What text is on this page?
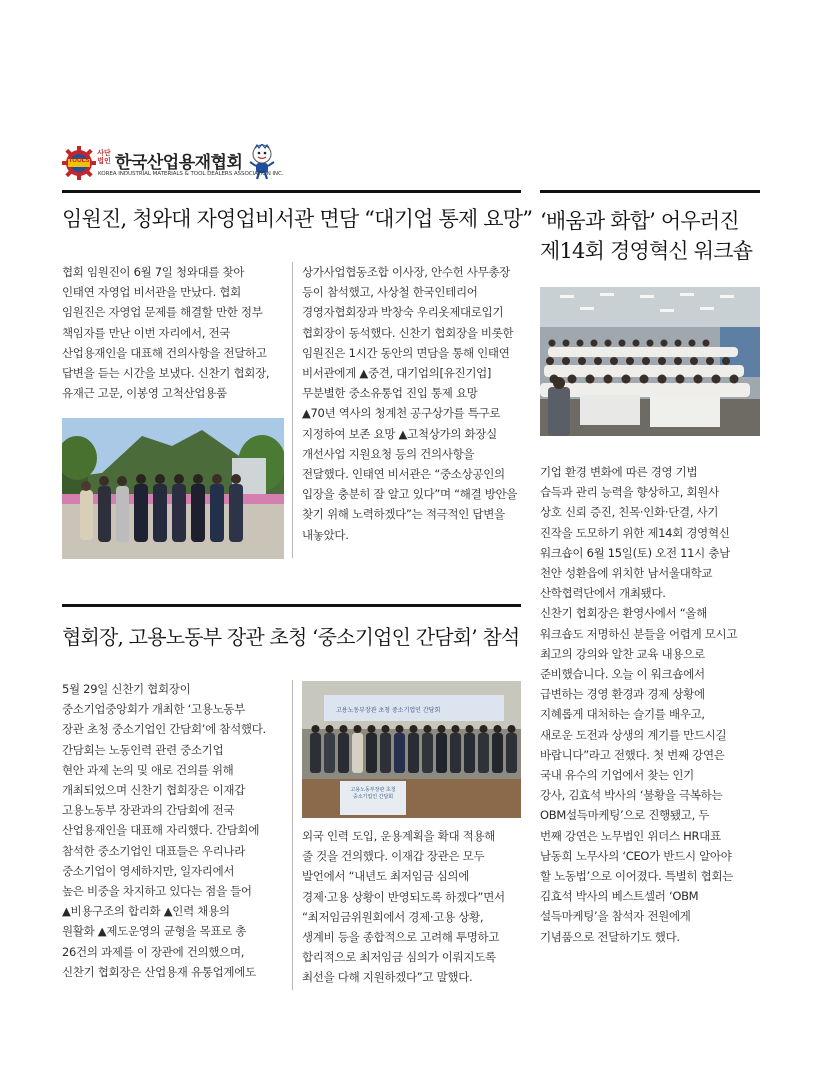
TOOLS
사단
법인 한국산업용재협회
KOREA INDUSTRIAL MATERIALS & TOOL DEALERS ASSOCIATION INC.
임원진, 청와대 자영업비서관 면담 “대기업 통제 요망”

협회 임원진이 6월 7일 청와대를 찾아

인태연 자영업 비서관을 만났다. 협회

임원진은 자영업 문제를 해결할 만한 정부

책임자를 만난 이번 자리에서, 전국

산업용재인을 대표해 건의사항을 전달하고

답변을 듣는 시간을 보냈다. 신찬기 협회장,

유재근 고문, 이봉영 고척산업용품

상가사업협동조합 이사장, 안수헌 사무총장

등이 참석했고, 사상철 한국인테리어

경영자협회장과 박창숙 우리옷제대로입기

협회장이 동석했다. 신찬기 협회장을 비롯한

임원진은 1시간 동안의 면담을 통해 인태연

비서관에게 ▲중견, 대기업의[유진기업]

무분별한 중소유통업 진입 통제 요망

▲70년 역사의 청계천 공구상가를 특구로

지정하여 보존 요망 ▲고척상가의 화장실

개선사업 지원요청 등의 건의사항을

전달했다. 인태연 비서관은 “중소상공인의

입장을 충분히 잘 알고 있다”며 “해결 방안을

찾기 위해 노력하겠다”는 적극적인 답변을

내놓았다.

협회장, 고용노동부 장관 초청 ‘중소기업인 간담회’ 참석

5월 29일 신찬기 협회장이

중소기업중앙회가 개최한 ‘고용노동부

장관 초청 중소기업인 간담회’에 참석했다.

간담회는 노동인력 관련 중소기업

현안 과제 논의 및 애로 건의를 위해

개최되었으며 신찬기 협회장은 이재갑

고용노동부 장관과의 간담회에 전국

산업용재인을 대표해 자리했다. 간담회에

참석한 중소기업인 대표들은 우리나라

중소기업이 영세하지만, 일자리에서

높은 비중을 차지하고 있다는 점을 들어

▲비용구조의 합리화 ▲인력 채용의

원활화 ▲제도운영의 균형을 목표로 총

26건의 과제를 이 장관에 건의했으며,

신찬기 협회장은 산업용재 유통업계에도

고용노동부장관 초청 중소기업인 간담회
고용노동부장관 초청
중소기업인 간담회

외국 인력 도입, 운용계획을 확대 적용해

줄 것을 건의했다. 이재갑 장관은 모두

발언에서 “내년도 최저임금 심의에

경제·고용 상황이 반영되도록 하겠다”면서

“최저임금위원회에서 경제·고용 상황,

생계비 등을 종합적으로 고려해 투명하고

합리적으로 최저임금 심의가 이뤄지도록

최선을 다해 지원하겠다”고 말했다.

‘배움과 화합’ 어우러진
제14회 경영혁신 워크숍

기업 환경 변화에 따른 경영 기법

습득과 관리 능력을 향상하고, 회원사

상호 신뢰 증진, 친목·인화·단결, 사기

진작을 도모하기 위한 제14회 경영혁신

워크숍이 6월 15일(토) 오전 11시 충남

천안 성환읍에 위치한 남서울대학교

산학협력단에서 개최됐다.

신찬기 협회장은 환영사에서 “올해

워크숍도 저명하신 분들을 어렵게 모시고

최고의 강의와 알찬 교육 내용으로

준비했습니다. 오늘 이 워크숍에서

급변하는 경영 환경과 경제 상황에

지혜롭게 대처하는 슬기를 배우고,

새로운 도전과 상생의 계기를 만드시길

바랍니다”라고 전했다. 첫 번째 강연은

국내 유수의 기업에서 찾는 인기

강사, 김효석 박사의 ‘불황을 극복하는

OBM설득마케팅’으로 진행됐고, 두

번째 강연은 노무법인 위더스 HR대표

남동희 노무사의 ‘CEO가 반드시 알아야

할 노동법’으로 이어졌다. 특별히 협회는

김효석 박사의 베스트셀러 ‘OBM

설득마케팅’을 참석자 전원에게

기념품으로 전달하기도 했다.
